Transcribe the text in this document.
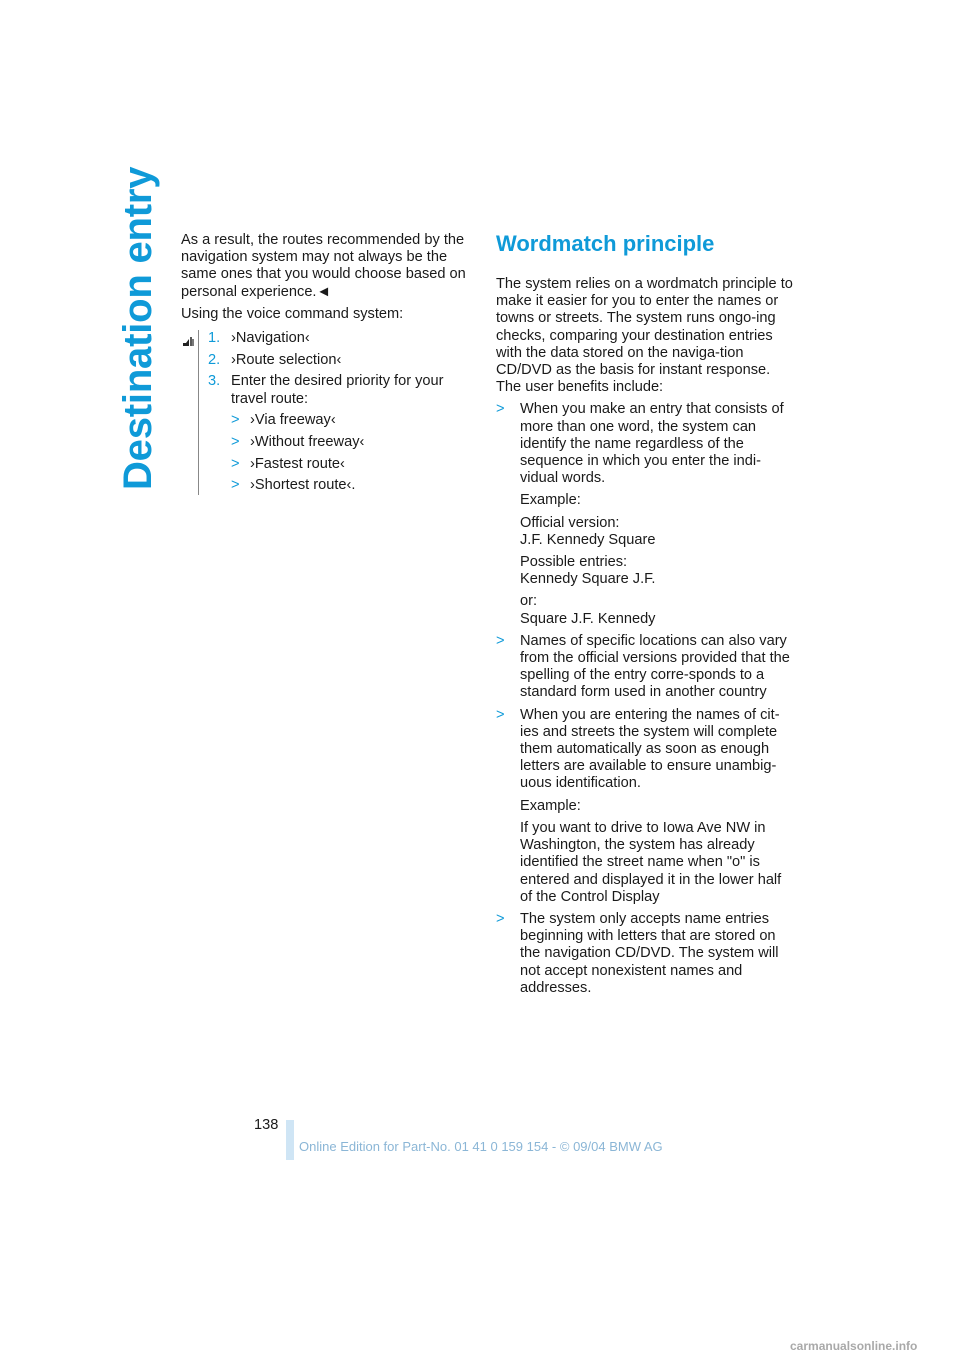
Destination entry As a result, the routes recommended by the navigation system may not always be the same ones that you would choose based on personal experience.◄

Using the voice command system:

1. ›Navigation‹
2. ›Route selection‹
3. Enter the desired priority for your travel route:
> ›Via freeway‹
> ›Without freeway‹
> ›Fastest route‹
> ›Shortest route‹.
Wordmatch principle

The system relies on a wordmatch principle to make it easier for you to enter the names or towns or streets. The system runs ongo-ing checks, comparing your destination entries with the data stored on the naviga-tion CD/DVD as the basis for instant response. The user benefits include:

>	When you make an entry that consists of more than one word, the system can identify the name regardless of the sequence in which you enter the indi-vidual words.

Example:

Official version:
J.F. Kennedy Square

Possible entries:
Kennedy Square J.F.

or:
Square J.F. Kennedy

>	Names of specific locations can also vary from the official versions provided that the spelling of the entry corre-sponds to a standard form used in another country

>	When you are entering the names of cit-ies and streets the system will complete them automatically as soon as enough letters are available to ensure unambig-uous identification.

Example:

If you want to drive to Iowa Ave NW in Washington, the system has already identified the street name when "o" is entered and displayed it in the lower half of the Control Display

>	The system only accepts name entries beginning with letters that are stored on the navigation CD/DVD. The system will not accept nonexistent names and addresses.

138
Online Edition for Part-No. 01 41 0 159 154 - © 09/04 BMW AG
carmanualsonline.info
